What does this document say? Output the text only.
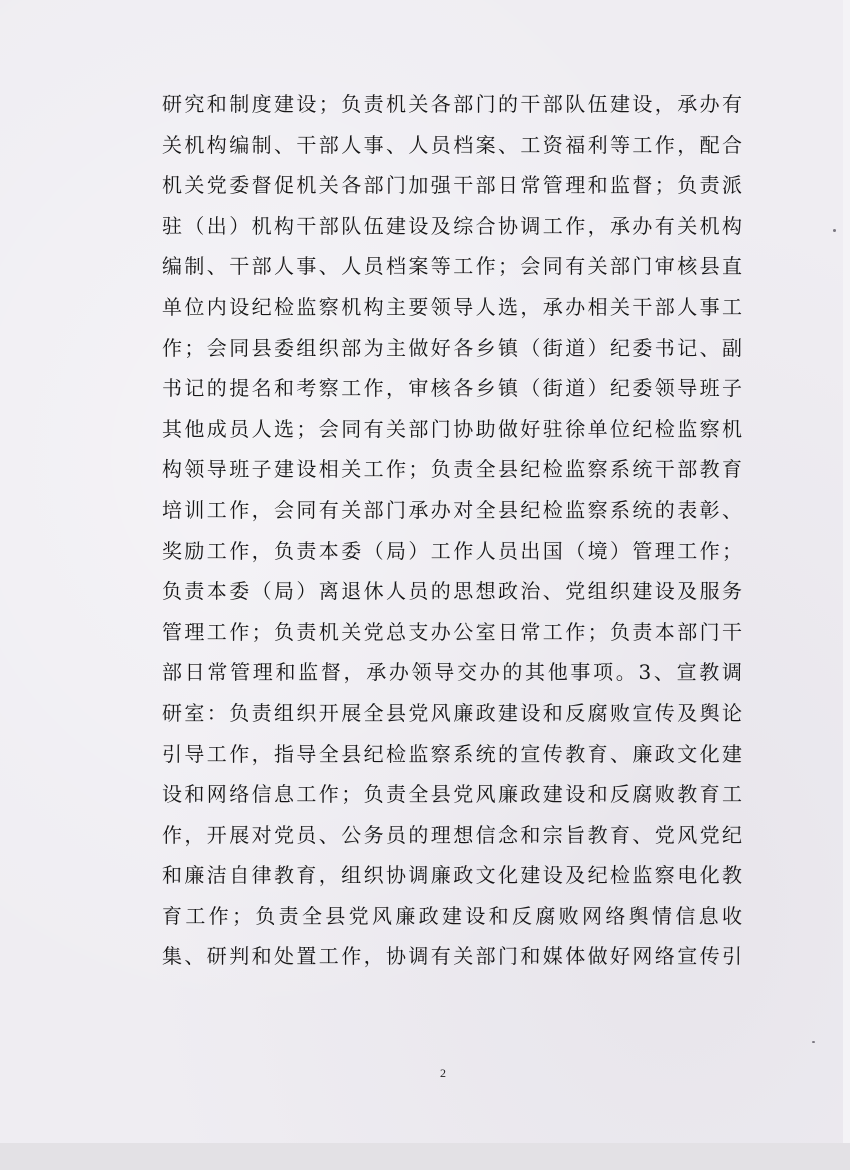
研究和制度建设；负责机关各部门的干部队伍建设，承办有
关机构编制、干部人事、人员档案、工资福利等工作，配合
机关党委督促机关各部门加强干部日常管理和监督；负责派
驻（出）机构干部队伍建设及综合协调工作，承办有关机构
编制、干部人事、人员档案等工作；会同有关部门审核县直
单位内设纪检监察机构主要领导人选，承办相关干部人事工
作；会同县委组织部为主做好各乡镇（街道）纪委书记、副
书记的提名和考察工作，审核各乡镇（街道）纪委领导班子
其他成员人选；会同有关部门协助做好驻徐单位纪检监察机
构领导班子建设相关工作；负责全县纪检监察系统干部教育
培训工作，会同有关部门承办对全县纪检监察系统的表彰、
奖励工作，负责本委（局）工作人员出国（境）管理工作；
负责本委（局）离退休人员的思想政治、党组织建设及服务
管理工作；负责机关党总支办公室日常工作；负责本部门干
部日常管理和监督，承办领导交办的其他事项。3、宣教调
研室：负责组织开展全县党风廉政建设和反腐败宣传及舆论
引导工作，指导全县纪检监察系统的宣传教育、廉政文化建
设和网络信息工作；负责全县党风廉政建设和反腐败教育工
作，开展对党员、公务员的理想信念和宗旨教育、党风党纪
和廉洁自律教育，组织协调廉政文化建设及纪检监察电化教
育工作；负责全县党风廉政建设和反腐败网络舆情信息收
集、研判和处置工作，协调有关部门和媒体做好网络宣传引
2
